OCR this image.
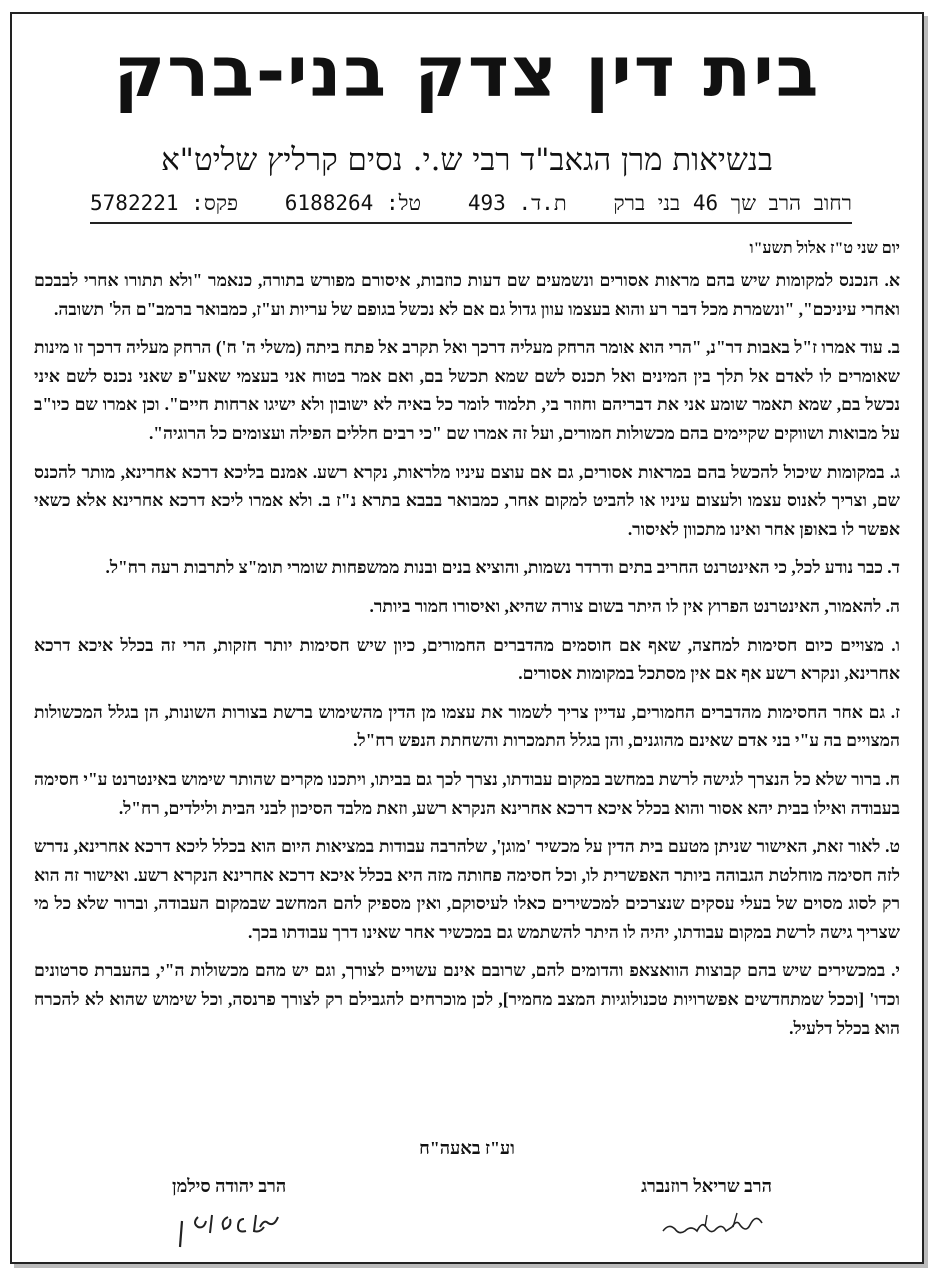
בית דין צדק בני-ברק
בנשיאות מרן הגאב"ד רבי ש.י. נסים קרליץ שליט"א
רחוב הרב שך 46 בני ברק
ת.ד. 493
טל: 6188264
פקס: 5782221
יום שני ט"ז אלול תשע"ו

א. הנכנס למקומות שיש בהם מראות אסורים ונשמעים שם דעות כוזבות, איסורם מפורש בתורה, כנאמר "ולא תתורו אחרי לבבכם ואחרי עיניכם", "ונשמרת מכל דבר רע והוא בעצמו עוון גדול גם אם לא נכשל בגופם של עריות וע"ז, כמבואר ברמב"ם הל' תשובה.

ב. עוד אמרו ז"ל באבות דר"נ, "הרי הוא אומר הרחק מעליה דרכך ואל תקרב אל פתח ביתה (משלי ה' ח') הרחק מעליה דרכך זו מינות שאומרים לו לאדם אל תלך בין המינים ואל תכנס לשם שמא תכשל בם, ואם אמר בטוח אני בעצמי שאע"פ שאני נכנס לשם איני נכשל בם, שמא תאמר שומע אני את דבריהם וחוזר בי, תלמוד לומר כל באיה לא ישובון ולא ישיגו ארחות חיים". וכן אמרו שם כיו"ב על מבואות ושווקים שקיימים בהם מכשולות חמורים, ועל זה אמרו שם "כי רבים חללים הפילה ועצומים כל הרוגיה".

ג. במקומות שיכול להכשל בהם במראות אסורים, גם אם עוצם עיניו מלראות, נקרא רשע. אמנם בליכא דרכא אחרינא, מותר להכנס שם, וצריך לאנוס עצמו ולעצום עיניו או להביט למקום אחר, כמבואר בבבא בתרא נ"ז ב. ולא אמרו ליכא דרכא אחרינא אלא כשאי אפשר לו באופן אחר ואינו מתכוון לאיסור.

ד. כבר נודע לכל, כי האינטרנט החריב בתים ודרדר נשמות, והוציא בנים ובנות ממשפחות שומרי תומ"צ לתרבות רעה רח"ל.

ה. להאמור, האינטרנט הפרוץ אין לו היתר בשום צורה שהיא, ואיסורו חמור ביותר.

ו. מצויים כיום חסימות למחצה, שאף אם חוסמים מהדברים החמורים, כיון שיש חסימות יותר חזקות, הרי זה בכלל איכא דרכא אחרינא, ונקרא רשע אף אם אין מסתכל במקומות אסורים.

ז. גם אחר החסימות מהדברים החמורים, עדיין צריך לשמור את עצמו מן הדין מהשימוש ברשת בצורות השונות, הן בגלל המכשולות המצויים בה ע"י בני אדם שאינם מהוגנים, והן בגלל התמכרות והשחתת הנפש רח"ל.

ח. ברור שלא כל הנצרך לגישה לרשת במחשב במקום עבודתו, נצרך לכך גם בביתו, ויתכנו מקרים שהותר שימוש באינטרנט ע"י חסימה בעבודה ואילו בבית יהא אסור והוא בכלל איכא דרכא אחרינא הנקרא רשע, וזאת מלבד הסיכון לבני הבית ולילדים, רח"ל.

ט. לאור זאת, האישור שניתן מטעם בית הדין על מכשיר 'מוגן', שלהרבה עבודות במציאות היום הוא בכלל ליכא דרכא אחרינא, נדרש לזה חסימה מוחלטת הגבוהה ביותר האפשרית לו, וכל חסימה פחותה מזה היא בכלל איכא דרכא אחרינא הנקרא רשע. ואישור זה הוא רק לסוג מסוים של בעלי עסקים שנצרכים למכשירים כאלו לעיסוקם, ואין מספיק להם המחשב שבמקום העבודה, וברור שלא כל מי שצריך גישה לרשת במקום עבודתו, יהיה לו היתר להשתמש גם במכשיר אחר שאינו דרך עבודתו בכך.

י. במכשירים שיש בהם קבוצות הוואצאפ והדומים להם, שרובם אינם עשויים לצורך, וגם יש מהם מכשולות ה"י, בהעברת סרטונים וכדו' [וככל שמתחדשים אפשרויות טכנולוגיות המצב מחמיר], לכן מוכרחים להגבילם רק לצורך פרנסה, וכל שימוש שהוא לא להכרח הוא בכלל דלעיל.

וע"ז באעה"ח
הרב שריאל רוזנברג
הרב יהודה סילמן
